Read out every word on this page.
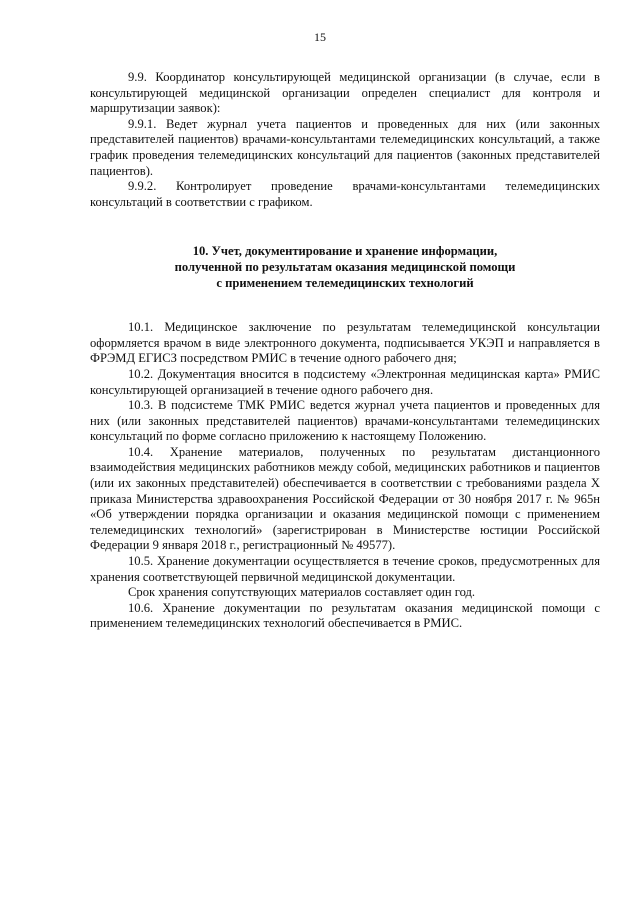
15

9.9. Координатор консультирующей медицинской организации (в случае, если в консультирующей медицинской организации определен специалист для контроля и маршрутизации заявок):

9.9.1. Ведет журнал учета пациентов и проведенных для них (или законных представителей пациентов) врачами-консультантами телемедицинских консультаций, а также график проведения телемедицинских консультаций для пациентов (законных представителей пациентов).

9.9.2. Контролирует проведение врачами-консультантами телемедицинских консультаций в соответствии с графиком.

10. Учет, документирование и хранение информации,
полученной по результатам оказания медицинской помощи
с применением телемедицинских технологий

10.1. Медицинское заключение по результатам телемедицинской консультации оформляется врачом в виде электронного документа, подписывается УКЭП и направляется в ФРЭМД ЕГИСЗ посредством РМИС в течение одного рабочего дня;

10.2. Документация вносится в подсистему «Электронная медицинская карта» РМИС консультирующей организацией в течение одного рабочего дня.

10.3. В подсистеме ТМК РМИС ведется журнал учета пациентов и проведенных для них (или законных представителей пациентов) врачами-консультантами телемедицинских консультаций по форме согласно приложению к настоящему Положению.

10.4. Хранение материалов, полученных по результатам дистанционного взаимодействия медицинских работников между собой, медицинских работников и пациентов (или их законных представителей) обеспечивается в соответствии с требованиями раздела X приказа Министерства здравоохранения Российской Федерации от 30 ноября 2017 г. № 965н «Об утверждении порядка организации и оказания медицинской помощи с применением телемедицинских технологий» (зарегистрирован в Министерстве юстиции Российской Федерации 9 января 2018 г., регистрационный № 49577).

10.5. Хранение документации осуществляется в течение сроков, предусмотренных для хранения соответствующей первичной медицинской документации.

Срок хранения сопутствующих материалов составляет один год.

10.6. Хранение документации по результатам оказания медицинской помощи с применением телемедицинских технологий обеспечивается в РМИС.
